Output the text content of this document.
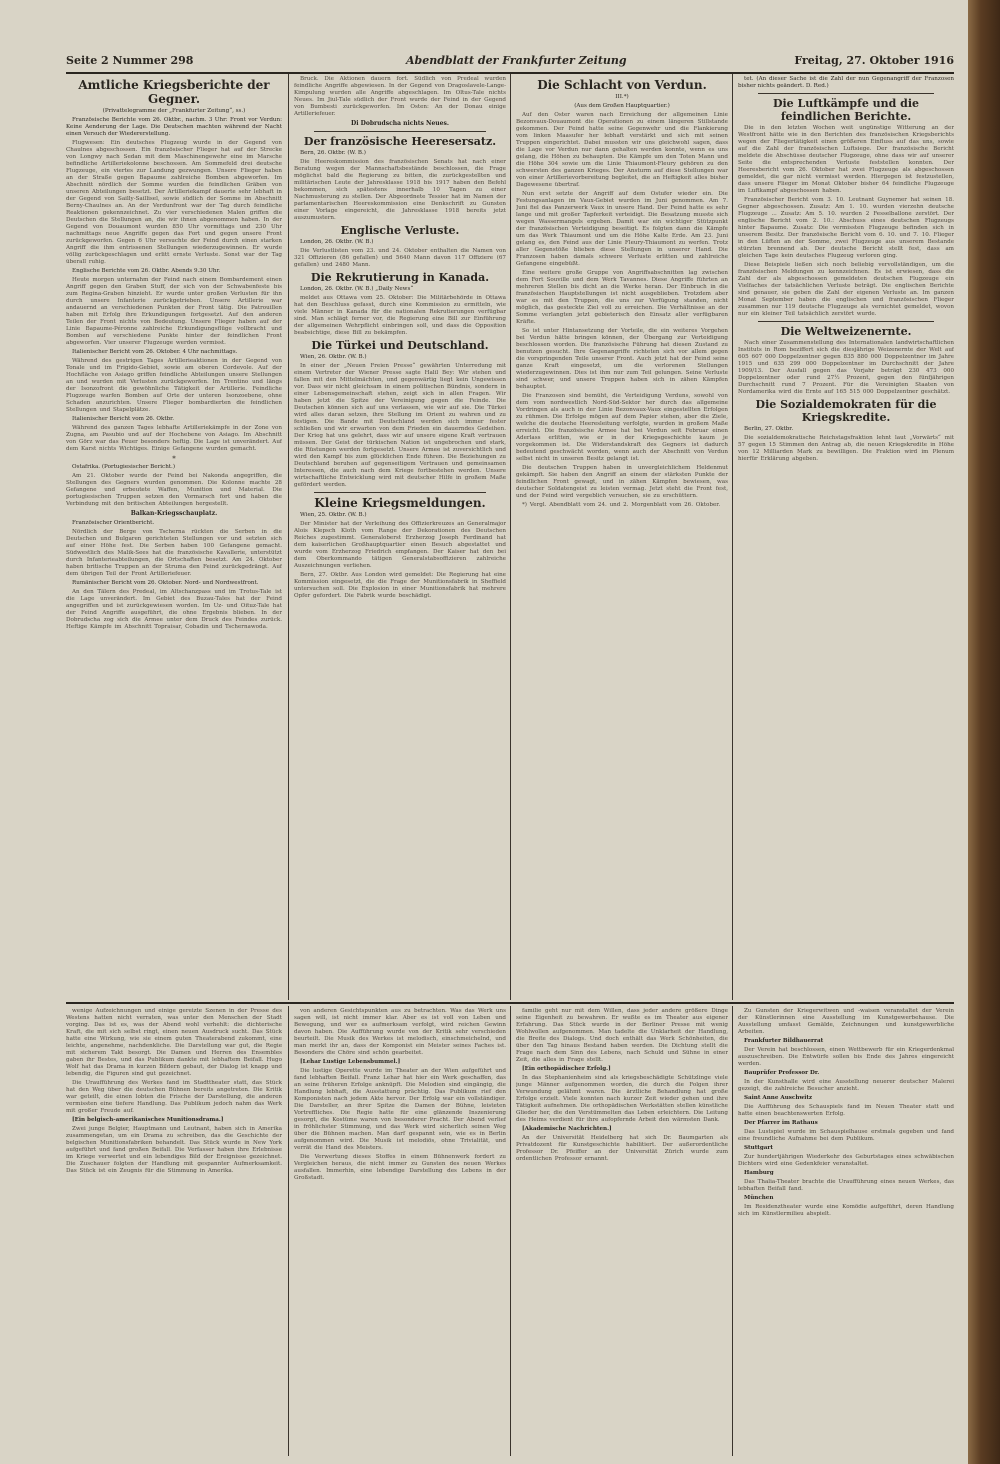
Seite 2 Nummer 298	Abendblatt der Frankfurter Zeitung	Freitag, 27. Oktober 1916
Amtliche Kriegsberichte der Gegner.
(Privattelegramme der „Frankfurter Zeitung“, ss.)

Französische Berichte vom 26. Oktbr., nachm. 3 Uhr: Front vor Verdun: Keine Aenderung der Lage. Die Deutschen machten während der Nacht einen Versuch der Wiedererstellung.

Flugwesen: Ein deutsches Flugzeug wurde in der Gegend von Chaulnes abgeschossen. Ein französischer Flieger hat auf der Strecke von Longwy nach Sedan mit dem Maschinengewehr eine im Marsche befindliche Artilleriekolonne beschossen. Am Sommefeld drei deutsche Flugzeuge, ein viertes zur Landung gezwungen. Unsere Flieger haben an der Straße gegen Bapaume zahlreiche Bomben abgeworfen. Im Abschnitt nördlich der Somme wurden die feindlichen Gräben von unseren Abteilungen besetzt. Der Artilleriekampf dauerte sehr lebhaft in der Gegend von Sailly-Saillisel, sowie südlich der Somme im Abschnitt Berny-Chaulnes an. An der Verdunfront war der Tag durch feindliche Reaktionen gekennzeichnet. Zu vier verschiedenen Malen griffen die Deutschen die Stellungen an, die wir ihnen abgenommen haben. In der Gegend von Douaumont wurden 850 Uhr vormittags und 230 Uhr nachmittags neue Angriffe gegen das Fort und gegen unsere Front zurückgeworfen. Gegen 6 Uhr versuchte der Feind durch einen starken Angriff die ihm entrissenen Stellungen wiederzugewinnen. Er wurde völlig zurückgeschlagen und erlitt ernste Verluste. Sonst war der Tag überall ruhig.

Englische Berichte vom 26. Oktbr. Abends 9.30 Uhr.

Heute morgen unternahm der Feind nach einem Bombardement einen Angriff gegen den Graben Stuff, der sich von der Schwabenfeste bis zum Regina-Graben hinzieht. Er wurde unter großen Verlusten für ihn durch unsere Infanterie zurückgetrieben. Unsere Artillerie war andauernd an verschiedenen Punkten der Front tätig. Die Patrouillen haben mit Erfolg ihre Erkundigungen fortgesetzt. Auf den anderen Teilen der Front nichts von Bedeutung. Unsere Flieger haben auf der Linie Bapaume-Péronne zahlreiche Erkundigungsflüge vollbracht und Bomben auf verschiedene Punkte hinter der feindlichen Front abgeworfen. Vier unserer Flugzeuge werden vermisst.

Italienischer Bericht vom 26. Oktober. 4 Uhr nachmittags.

Während des gestrigen Tages Artillerieaktionen in der Gegend von Tonale und im Frigido-Gebiet, sowie am oberen Cordevole. Auf der Hochfläche von Asiago griffen feindliche Abteilungen unsere Stellungen an und wurden mit Verlusten zurückgeworfen. Im Trentino und längs der Isonzofront die gewöhnliche Tätigkeit der Artillerie. Feindliche Flugzeuge warfen Bomben auf Orte der unteren Isonzoebene, ohne Schaden anzurichten. Unsere Flieger bombardierten die feindlichen Stellungen und Stapelplätze.

Italienischer Bericht vom 26. Oktbr.

Während des ganzen Tages lebhafte Artilleriekämpfe in der Zone von Zugna, am Pasubio und auf der Hochebene von Asiago. Im Abschnitt von Görz war das Feuer besonders heftig. Die Lage ist unverändert. Auf dem Karst nichts Wichtiges. Einige Gefangene wurden gemacht.

*

Ostafrika. (Portugiesischer Bericht.)

Am 21. Oktober wurde der Feind bei Nakonda angegriffen, die Stellungen des Gegners wurden genommen. Die Kolonne machte 28 Gefangene und erbeutete Waffen, Munition und Material. Die portugiesischen Truppen setzen den Vormarsch fort und haben die Verbindung mit den britischen Abteilungen hergestellt.

Balkan-Kriegsschauplatz.

Französischer Orientbericht.

Nördlich der Berge von Tscherna rückten die Serben in die Deutschen und Bulgaren gerichteten Stellungen vor und setzten sich auf einer Höhe fest. Die Serben haben 100 Gefangene gemacht. Südwestlich des Malik-Sees hat die französische Kavallerie, unterstützt durch Infanterieabteilungen, die Ortschaften besetzt. Am 24. Oktober haben britische Truppen an der Struma den Feind zurückgedrängt. Auf dem übrigen Teil der Front Artilleriefeuer.

Rumänischer Bericht vom 26. Oktober. Nord- und Nordwestfront.

An den Tälern des Predeal, im Altschanzpass und im Trotus-Tale ist die Lage unverändert. Im Gebiet des Buzau-Tales hat der Feind angegriffen und ist zurückgewiesen worden. Im Uz- und Oituz-Tale hat der Feind Angriffe ausgeführt, die ohne Ergebnis blieben. In der Dobrudscha zog sich die Armee unter dem Druck des Feindes zurück. Heftige Kämpfe im Abschnitt Topraisar, Cobadin und Tschernawoda.

Bruck. Die Aktionen dauern fort. Südlich von Predeal wurden feindliche Angriffe abgewiesen. In der Gegend von Dragoslavele-Lange-Kimpulung wurden alle Angriffe abgeschlagen. Im Oltus-Tale nichts Neues. Im Jiul-Tale südlich der Front wurde der Feind in der Gegend von Bumbesti zurückgeworfen. Im Osten: An der Donau einige Artilleriefeuer.

Di Dobrudscha nichts Neues.
Der französische Heeresersatz.

Bern, 26. Oktbr. (W. B.)

Die Heereskommission des französischen Senats hat nach einer Beratung wegen der Mannschaftsbestände beschlossen, die Frage möglichst bald die Regierung zu bitten, die zurückgestellten und militärischen Leute der Jahresklasse 1918 bis 1917 haben den Befehl bekommen, sich spätestens innerhalb 10 Tagen zu einer Nachmusterung zu stellen. Der Abgeordnete Tessier hat im Namen der parlamentarischen Heereskommission eine Denkschrift zu Gunsten einer Vorlage eingereicht, die Jahresklasse 1918 bereits jetzt auszumustern.

Englische Verluste.

London, 26. Oktbr. (W. B.)

Die Verlustlisten vom 23. und 24. Oktober enthalten die Namen von 321 Offizieren (86 gefallen) und 5640 Mann davon 117 Offiziere (67 gefallen) und 2480 Mann.

Die Rekrutierung in Kanada.

London, 26. Oktbr. (W. B.) „Daily News“

meldet aus Ottawa vom 25. Oktober: Die Militärbehörde in Ottawa hat den Beschluss gefasst, durch eine Kommission zu ermitteln, wie viele Männer in Kanada für die nationalen Rekrutierungen verfügbar sind. Man schlägt ferner vor, die Regierung eine Bill zur Einführung der allgemeinen Wehrpflicht einbringen soll, und dass die Opposition beabsichtige, diese Bill zu bekämpfen.

Die Türkei und Deutschland.

Wien, 26. Oktbr. (W. B.)

In einer der „Neuen Freien Presse“ gewährten Unterredung mit einem Vertreter der Wiener Presse sagte Halil Bey: Wir stehen und fallen mit den Mittelmächten, und gegenwärtig liegt kein Ungewissen vor. Dass wir nicht gleichsam in einem politischen Bündnis, sondern in einer Lebensgemeinschaft stehen, zeigt sich in allen Fragen. Wir haben jetzt die Spitze der Vereinigung gegen die Feinde. Die Deutschen können sich auf uns verlassen, wie wir auf sie. Die Türkei wird alles daran setzen, ihre Stellung im Orient zu wahren und zu festigen. Die Bande mit Deutschland werden sich immer fester schließen und wir erwarten von dem Frieden ein dauerndes Gedeihen. Der Krieg hat uns gelehrt, dass wir auf unsere eigene Kraft vertrauen müssen. Der Geist der türkischen Nation ist ungebrochen und stark, die Rüstungen werden fortgesetzt. Unsere Armee ist zuversichtlich und wird den Kampf bis zum glücklichen Ende führen. Die Beziehungen zu Deutschland beruhen auf gegenseitigem Vertrauen und gemeinsamen Interessen, die auch nach dem Kriege fortbestehen werden. Unsere wirtschaftliche Entwicklung wird mit deutscher Hilfe in großem Maße gefördert werden.

Kleine Kriegsmeldungen.

Wien, 25. Oktbr. (W. B.)

Der Minister hat der Verleihung des Offizierkreuzes an Generalmajor Alois Klepsch Kloth vom Range der Dekorationen des Deutschen Reiches zugestimmt. Generaloberst Erzherzog Joseph Ferdinand hat dem kaiserlichen Großhauptquartier einen Besuch abgestattet und wurde vom Erzherzog Friedrich empfangen. Der Kaiser hat den bei dem Oberkommando tätigen Generalstabsoffizieren zahlreiche Auszeichnungen verliehen.

Bern, 27. Oktbr. Aus London wird gemeldet: Die Regierung hat eine Kommission eingesetzt, die die Frage der Munitionsfabrik in Sheffield untersuchen soll. Die Explosion in einer Munitionsfabrik hat mehrere Opfer gefordert. Die Fabrik wurde beschädigt.

Die Schlacht von Verdun.
III.*)
(Aus dem Großen Hauptquartier.)

Auf den Oster waren nach Erreichung der allgemeinen Linie Bezonvaux-Douaumont die Operationen zu einem längeren Stillstande gekommen. Der Feind hatte seine Gegenwehr und die Flankierung vom linken Maasufer her lebhaft verstärkt und sich mit seinen Truppen eingerichtet. Dabei mussten wir uns gleichwohl sagen, dass die Lage vor Verdun nur dann gehalten werden konnte, wenn es uns gelang, die Höhen zu behaupten. Die Kämpfe um den Toten Mann und die Höhe 304 sowie um die Linie Thiaumont-Fleury gehören zu den schwersten des ganzen Krieges. Der Ansturm auf diese Stellungen war von einer Artillerievorbereitung begleitet, die an Heftigkeit alles bisher Dagewesene übertraf.

Nun erst setzte der Angriff auf dem Ostufer wieder ein. Die Festungsanlagen im Vaux-Gebiet wurden im Juni genommen. Am 7. Juni fiel das Panzerwerk Vaux in unsere Hand. Der Feind hatte es sehr lange und mit großer Tapferkeit verteidigt. Die Besatzung musste sich wegen Wassermangels ergeben. Damit war ein wichtiger Stützpunkt der französischen Verteidigung beseitigt. Es folgten dann die Kämpfe um das Werk Thiaumont und um die Höhe Kalte Erde. Am 23. Juni gelang es, den Feind aus der Linie Fleury-Thiaumont zu werfen. Trotz aller Gegenstöße blieben diese Stellungen in unserer Hand. Die Franzosen haben damals schwere Verluste erlitten und zahlreiche Gefangene eingebüßt.

Eine weitere große Gruppe von Angriffsabschnitten lag zwischen dem Fort Souville und dem Werk Tavannes. Diese Angriffe führten an mehreren Stellen bis dicht an die Werke heran. Der Einbruch in die französischen Hauptstellungen ist nicht ausgeblieben. Trotzdem aber war es mit den Truppen, die uns zur Verfügung standen, nicht möglich, das gesteckte Ziel voll zu erreichen. Die Verhältnisse an der Somme verlangten jetzt gebieterisch den Einsatz aller verfügbaren Kräfte.

So ist unter Hintansetzung der Vorteile, die ein weiteres Vorgehen bei Verdun hätte bringen können, der Übergang zur Verteidigung beschlossen worden. Die französische Führung hat diesen Zustand zu benutzen gesucht. Ihre Gegenangriffe richteten sich vor allem gegen die vorspringenden Teile unserer Front. Auch jetzt hat der Feind seine ganze Kraft eingesetzt, um die verlorenen Stellungen wiederzugewinnen. Dies ist ihm nur zum Teil gelungen. Seine Verluste sind schwer, und unsere Truppen haben sich in zähen Kämpfen behauptet.

Die Franzosen sind bemüht, die Verteidigung Verduns, sowohl von dem vom nordwestlich Nord-Süd-Sektor her durch das allgemeine Vordringen als auch in der Linie Bezonvaux-Vaux eingestellten Erfolgen zu rühmen. Die Erfolge mögen auf dem Papier stehen, aber die Ziele, welche die deutsche Heeresleitung verfolgte, wurden in großem Maße erreicht. Die französische Armee hat bei Verdun seit Februar einen Aderlass erlitten, wie er in der Kriegsgeschichte kaum je vorgekommen ist. Die Widerstandskraft des Gegners ist dadurch bedeutend geschwächt worden, wenn auch der Abschnitt von Verdun selbst nicht in unseren Besitz gelangt ist.

Die deutschen Truppen haben in unvergleichlichem Heldenmut gekämpft. Sie haben den Angriff an einem der stärksten Punkte der feindlichen Front gewagt, und in zähen Kämpfen bewiesen, was deutscher Soldatengeist zu leisten vermag. Jetzt steht die Front fest, und der Feind wird vergeblich versuchen, sie zu erschüttern.

*) Vergl. Abendblatt vom 24. und 2. Morgenblatt vom 26. Oktober.

tet. (An dieser Sache ist die Zahl der nun Gegenangriff der Franzosen bisher nichts geändert. D. Red.)

Die Luftkämpfe und die feindlichen Berichte.

Die in den letzten Wochen weit ungünstige Witterung an der Westfront hätte wie in den Berichten des französischen Kriegsberichts wegen der Fliegertätigkeit einen größeren Einfluss auf das uns, sowie auf die Zahl der französischen Luftsiege. Der französische Bericht meldete die Abschüsse deutscher Flugzeuge, ohne dass wir auf unserer Seite die entsprechenden Verluste feststellen konnten. Der Heeresbericht vom 26. Oktober hat zwei Flugzeuge als abgeschossen gemeldet, die gar nicht vermisst werden. Hiergegen ist festzustellen, dass unsere Flieger im Monat Oktober bisher 64 feindliche Flugzeuge im Luftkampf abgeschossen haben.

Französischer Bericht vom 3. 10. Leutnant Guynemer hat seinen 18. Gegner abgeschossen. Zusatz: Am 1. 10. wurden vierzehn deutsche Flugzeuge ... Zusatz: Am 5. 10. wurden 2 Fesselballone zerstört. Der englische Bericht vom 2. 10.: Abschuss eines deutschen Flugzeugs hinter Bapaume. Zusatz: Die vermissten Flugzeuge befinden sich in unserem Besitz. Der französische Bericht vom 6. 10. und 7. 10. Flieger in den Lüften an der Somme, zwei Flugzeuge aus unserem Bestande stürzten brennend ab. Der deutsche Bericht stellt fest, dass am gleichen Tage kein deutsches Flugzeug verloren ging.

Diese Beispiele ließen sich noch beliebig vervollständigen, um die französischen Meldungen zu kennzeichnen. Es ist erwiesen, dass die Zahl der als abgeschossen gemeldeten deutschen Flugzeuge ein Vielfaches der tatsächlichen Verluste beträgt. Die englischen Berichte sind genauer, sie geben die Zahl der eigenen Verluste an. Im ganzen Monat September haben die englischen und französischen Flieger zusammen nur 119 deutsche Flugzeuge als vernichtet gemeldet, wovon nur ein kleiner Teil tatsächlich zerstört wurde.

Die Weltweizenernte.

Nach einer Zusammenstellung des Internationalen landwirtschaftlichen Instituts in Rom beziffert sich die diesjährige Weizenernte der Welt auf 605 607 000 Doppelzentner gegen 835 880 000 Doppelzentner im Jahre 1915 und 635 299 000 Doppelzentner im Durchschnitt der Jahre 1909/13. Der Ausfall gegen das Vorjahr beträgt 230 473 000 Doppelzentner oder rund 27½ Prozent, gegen den fünfjährigen Durchschnitt rund 7 Prozent. Für die Vereinigten Staaten von Nordamerika wird die Ernte auf 165 515 000 Doppelzentner geschätzt.

Die Sozialdemokraten für die Kriegskredite.

Berlin, 27. Oktbr.

Die sozialdemokratische Reichstagsfraktion lehnt laut „Vorwärts“ mit 57 gegen 15 Stimmen den Antrag ab, die neuen Kriegskredite in Höhe von 12 Milliarden Mark zu bewilligen. Die Fraktion wird im Plenum hierfür Erklärung abgeben.

wenige Aufzeichnungen und einige gereizte Szenen in der Presse des Westens hatten nicht verraten, was unter den Menschen der Stadt vorging. Das ist es, was der Abend wohl verhehlt: die dichterische Kraft, die mit sich selbst ringt, einen neuen Ausdruck sucht. Das Stück hatte eine Wirkung, wie sie einem guten Theaterabend zukommt, eine leichte, angenehme, nachdenkliche. Die Darstellung war gut, die Regie mit sicherem Takt besorgt. Die Damen und Herren des Ensembles gaben ihr Bestes, und das Publikum dankte mit lebhaftem Beifall. Hugo Wolf hat das Drama in kurzen Bildern gebaut, der Dialog ist knapp und lebendig, die Figuren sind gut gezeichnet.

Die Uraufführung des Werkes fand im Stadttheater statt, das Stück hat den Weg über die deutschen Bühnen bereits angetreten. Die Kritik war geteilt, die einen lobten die Frische der Darstellung, die anderen vermissten eine tiefere Handlung. Das Publikum jedoch nahm das Werk mit großer Freude auf.

[Ein belgisch-amerikanisches Munitionsdrama.]

Zwei junge Belgier, Hauptmann und Leutnant, haben sich in Amerika zusammengetan, um ein Drama zu schreiben, das die Geschichte der belgischen Munitionsfabriken behandelt. Das Stück wurde in New York aufgeführt und fand großen Beifall. Die Verfasser haben ihre Erlebnisse im Kriege verwertet und ein lebendiges Bild der Ereignisse gezeichnet. Die Zuschauer folgten der Handlung mit gespannter Aufmerksamkeit. Das Stück ist ein Zeugnis für die Stimmung in Amerika.

von anderen Gesichtspunkten aus zu betrachten. Was das Werk uns sagen will, ist nicht immer klar. Aber es ist voll von Leben und Bewegung, und wer es aufmerksam verfolgt, wird reichen Gewinn davon haben. Die Aufführung wurde von der Kritik sehr verschieden beurteilt. Die Musik des Werkes ist melodisch, einschmeichelnd, und man merkt ihr an, dass der Komponist ein Meister seines Faches ist. Besonders die Chöre sind schön gearbeitet.

[Lehar Lustige Lebensbummel.]

Die lustige Operette wurde im Theater an der Wien aufgeführt und fand lebhaften Beifall. Franz Lehar hat hier ein Werk geschaffen, das an seine früheren Erfolge anknüpft. Die Melodien sind eingängig, die Handlung lebhaft, die Ausstattung prächtig. Das Publikum rief den Komponisten nach jedem Akte hervor. Der Erfolg war ein vollständiger. Die Darsteller, an ihrer Spitze die Damen der Bühne, leisteten Vortreffliches. Die Regie hatte für eine glänzende Inszenierung gesorgt, die Kostüme waren von besonderer Pracht. Der Abend verlief in fröhlichster Stimmung, und das Werk wird sicherlich seinen Weg über die Bühnen machen. Man darf gespannt sein, wie es in Berlin aufgenommen wird. Die Musik ist melodiös, ohne Trivialität, und verrät die Hand des Meisters.

Die Verwertung dieses Stoffes in einem Bühnenwerk fordert zu Vergleichen heraus, die nicht immer zu Gunsten des neuen Werkes ausfallen. Immerhin, eine lebendige Darstellung des Lebens in der Großstadt.

familie geht nur mit dem Willen, dass jeder andere größere Dinge seine Eigenheit zu bewahren. Er wußte es im Theater aus eigener Erfahrung. Das Stück wurde in der Berliner Presse mit wenig Wohlwollen aufgenommen. Man tadelte die Unklarheit der Handlung, die Breite des Dialogs. Und doch enthält das Werk Schönheiten, die über den Tag hinaus Bestand haben werden. Die Dichtung stellt die Frage nach dem Sinn des Lebens, nach Schuld und Sühne in einer Zeit, die alles in Frage stellt.

[Ein orthopädischer Erfolg.]

In das Stephanienheim sind als kriegsbeschädigte Schützlinge viele junge Männer aufgenommen worden, die durch die Folgen ihrer Verwundung gelähmt waren. Die ärztliche Behandlung hat große Erfolge erzielt. Viele konnten nach kurzer Zeit wieder gehen und ihre Tätigkeit aufnehmen. Die orthopädischen Werkstätten stellen künstliche Glieder her, die den Verstümmelten das Leben erleichtern. Die Leitung des Heims verdient für ihre aufopfernde Arbeit den wärmsten Dank.

[Akademische Nachrichten.]

An der Universität Heidelberg hat sich Dr. Baumgarten als Privatdozent für Kunstgeschichte habilitiert. Der außerordentliche Professor Dr. Pfeiffer an der Universität Zürich wurde zum ordentlichen Professor ernannt.

Zu Gunsten der Kriegerwitwen und -waisen veranstaltet der Verein der Künstlerinnen eine Ausstellung im Kunstgewerbehause. Die Ausstellung umfasst Gemälde, Zeichnungen und kunstgewerbliche Arbeiten.

Frankfurter Bildhauerrat

Der Verein hat beschlossen, einen Wettbewerb für ein Kriegerdenkmal auszuschreiben. Die Entwürfe sollen bis Ende des Jahres eingereicht werden.

Bauprüfer Professor Dr.

In der Kunsthalle wird eine Ausstellung neuerer deutscher Malerei gezeigt, die zahlreiche Besucher anzieht.

Saint Anne Auschwitz

Die Aufführung des Schauspiels fand im Neuen Theater statt und hatte einen beachtenswerten Erfolg.

Der Pfarrer im Rathaus

Das Lustspiel wurde im Schauspielhause erstmals gegeben und fand eine freundliche Aufnahme bei dem Publikum.

Stuttgart

Zur hundertjährigen Wiederkehr des Geburtstages eines schwäbischen Dichters wird eine Gedenkfeier veranstaltet.

Hamburg

Das Thalia-Theater brachte die Uraufführung eines neuen Werkes, das lebhaften Beifall fand.

München

Im Residenztheater wurde eine Komödie aufgeführt, deren Handlung sich im Künstlermilieu abspielt.
